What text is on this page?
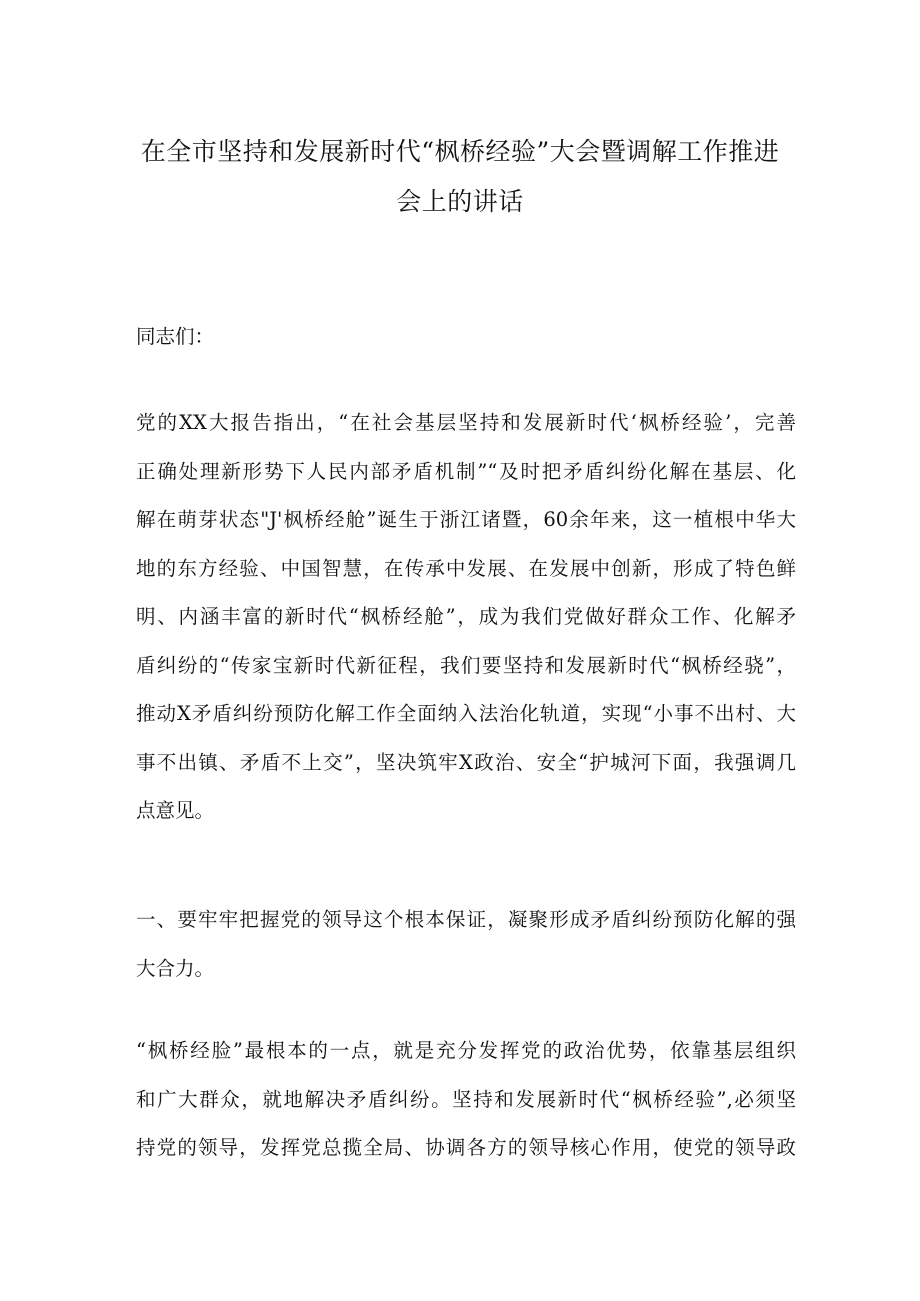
在全市坚持和发展新时代“枫桥经验”大会暨调解工作推进
会上的讲话
同志们：
党的XX大报告指出，“在社会基层坚持和发展新时代‘枫桥经验’，完善
正确处理新形势下人民内部矛盾机制”“及时把矛盾纠纷化解在基层、化
解在萌芽状态"J'枫桥经舱”诞生于浙江诸暨，60余年来，这一植根中华大
地的东方经验、中国智慧，在传承中发展、在发展中创新，形成了特色鲜
明、内涵丰富的新时代“枫桥经舱”，成为我们党做好群众工作、化解矛
盾纠纷的“传家宝新时代新征程，我们要坚持和发展新时代“枫桥经骁”，
推动X矛盾纠纷预防化解工作全面纳入法治化轨道，实现“小事不出村、大
事不出镇、矛盾不上交”，坚决筑牢X政治、安全“护城河下面，我强调几
点意见。
一、要牢牢把握党的领导这个根本保证，凝聚形成矛盾纠纷预防化解的强
大合力。
“枫桥经脸”最根本的一点，就是充分发挥党的政治优势，依靠基层组织
和广大群众，就地解决矛盾纠纷。坚持和发展新时代“枫桥经验”,必须坚
持党的领导，发挥党总揽全局、协调各方的领导核心作用，使党的领导政
